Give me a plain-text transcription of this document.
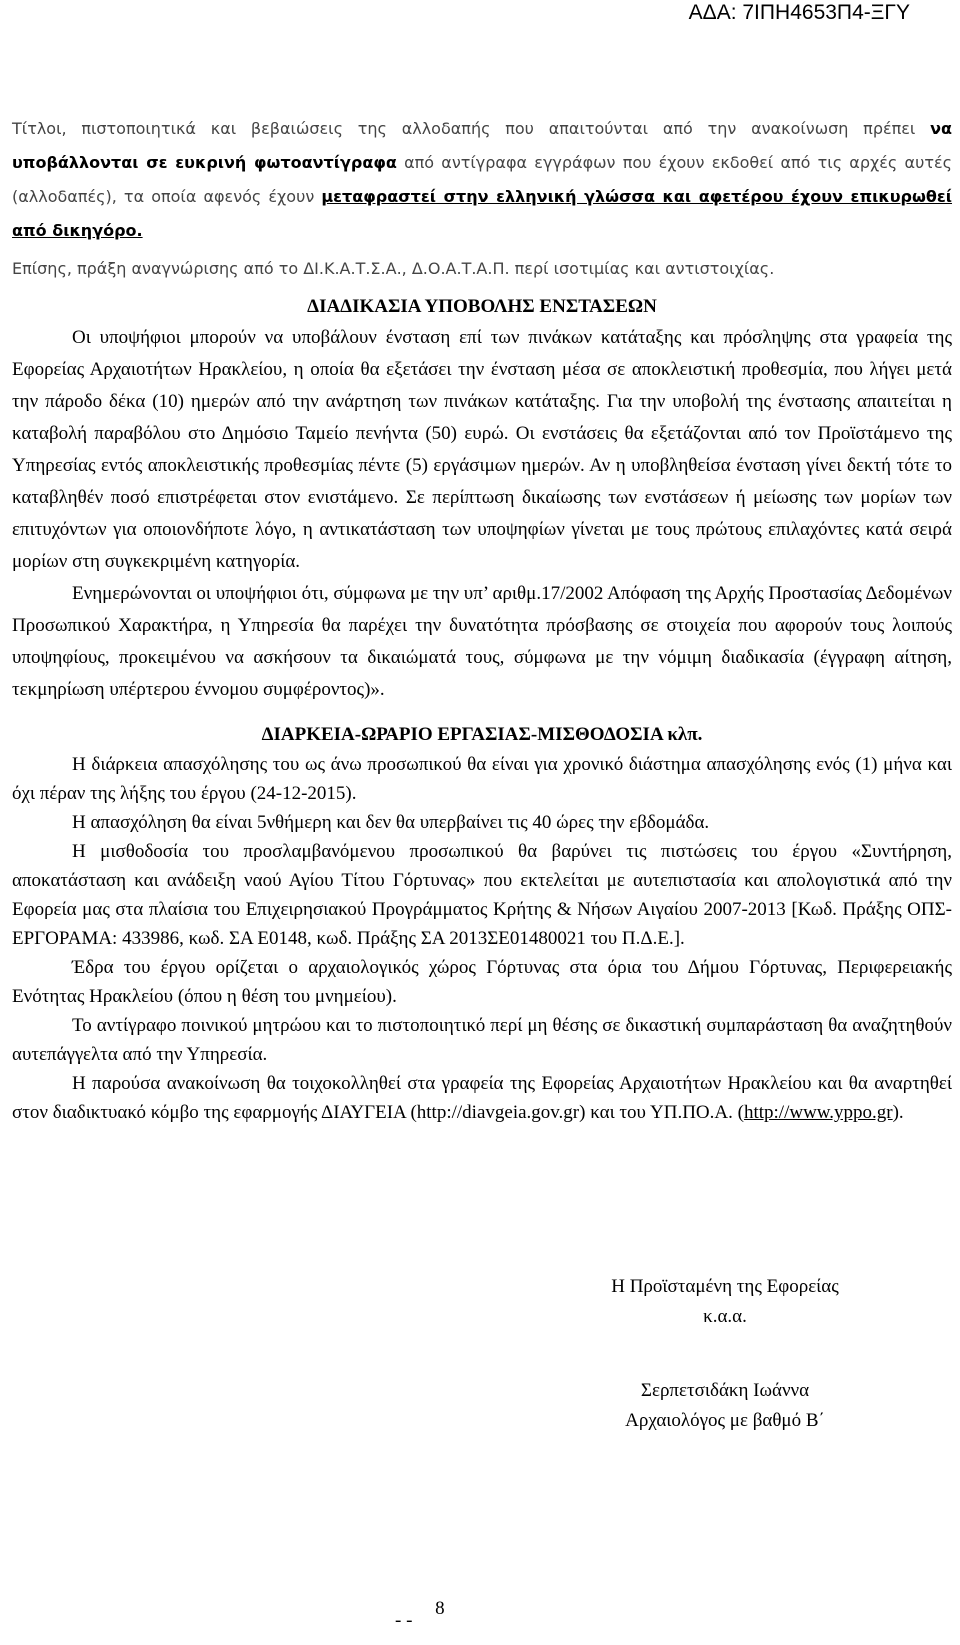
ΑΔΑ: 7ΙΠΗ4653Π4-ΞΓΥ

Τίτλοι, πιστοποιητικά και βεβαιώσεις της αλλοδαπής που απαιτούνται από την ανακοίνωση πρέπει να υποβάλλονται σε ευκρινή φωτοαντίγραφα από αντίγραφα εγγράφων που έχουν εκδοθεί από τις αρχές αυτές (αλλοδαπές), τα οποία αφενός έχουν μεταφραστεί στην ελληνική γλώσσα και αφετέρου έχουν επικυρωθεί από δικηγόρο.

Επίσης, πράξη αναγνώρισης από το ΔΙ.Κ.Α.Τ.Σ.Α., Δ.Ο.Α.Τ.Α.Π. περί ισοτιμίας και αντιστοιχίας.

ΔΙΑΔΙΚΑΣΙΑ ΥΠΟΒΟΛΗΣ ΕΝΣΤΑΣΕΩΝ

Οι υποψήφιοι μπορούν να υποβάλουν ένσταση επί των πινάκων κατάταξης και πρόσληψης στα γραφεία της Εφορείας Αρχαιοτήτων Ηρακλείου, η οποία θα εξετάσει την ένσταση μέσα σε αποκλειστική προθεσμία, που λήγει μετά την πάροδο δέκα (10) ημερών από την ανάρτηση των πινάκων κατάταξης. Για την υποβολή της ένστασης απαιτείται η καταβολή παραβόλου στο Δημόσιο Ταμείο πενήντα (50) ευρώ. Οι ενστάσεις θα εξετάζονται από τον Προϊστάμενο της Υπηρεσίας εντός αποκλειστικής προθεσμίας πέντε (5) εργάσιμων ημερών. Αν η υποβληθείσα ένσταση γίνει δεκτή τότε το καταβληθέν ποσό επιστρέφεται στον ενιστάμενο. Σε περίπτωση δικαίωσης των ενστάσεων ή μείωσης των μορίων των επιτυχόντων για οποιονδήποτε λόγο, η αντικατάσταση των υποψηφίων γίνεται με τους πρώτους επιλαχόντες κατά σειρά μορίων στη συγκεκριμένη κατηγορία.

Ενημερώνονται οι υποψήφιοι ότι, σύμφωνα με την υπ’ αριθμ.17/2002 Απόφαση της Αρχής Προστασίας Δεδομένων Προσωπικού Χαρακτήρα, η Υπηρεσία θα παρέχει την δυνατότητα πρόσβασης σε στοιχεία που αφορούν τους λοιπούς υποψηφίους, προκειμένου να ασκήσουν τα δικαιώματά τους, σύμφωνα με την νόμιμη διαδικασία (έγγραφη αίτηση, τεκμηρίωση υπέρτερου έννομου συμφέροντος)».

ΔΙΑΡΚΕΙΑ-ΩΡΑΡΙΟ ΕΡΓΑΣΙΑΣ-ΜΙΣΘΟΔΟΣΙΑ κλπ.

Η διάρκεια απασχόλησης του ως άνω προσωπικού θα είναι για χρονικό διάστημα απασχόλησης ενός (1) μήνα και όχι πέραν της λήξης του έργου (24-12-2015).

Η απασχόληση θα είναι 5νθήμερη και δεν θα υπερβαίνει τις 40 ώρες την εβδομάδα.

Η μισθοδοσία του προσλαμβανόμενου προσωπικού θα βαρύνει τις πιστώσεις του έργου «Συντήρηση, αποκατάσταση και ανάδειξη ναού Αγίου Τίτου Γόρτυνας» που εκτελείται με αυτεπιστασία και απολογιστικά από την Εφορεία μας στα πλαίσια του Επιχειρησιακού Προγράμματος Κρήτης & Νήσων Αιγαίου 2007-2013 [Κωδ. Πράξης ΟΠΣ-ΕΡΓΟΡΑΜΑ: 433986, κωδ. ΣΑ Ε0148, κωδ. Πράξης ΣΑ 2013ΣΕ01480021 του Π.Δ.Ε.].

Έδρα του έργου ορίζεται ο αρχαιολογικός χώρος Γόρτυνας στα όρια του Δήμου Γόρτυνας, Περιφερειακής Ενότητας Ηρακλείου (όπου η θέση του μνημείου).

Το αντίγραφο ποινικού μητρώου και το πιστοποιητικό περί μη θέσης σε δικαστική συμπαράσταση θα αναζητηθούν αυτεπάγγελτα από την Υπηρεσία.

Η παρούσα ανακοίνωση θα τοιχοκολληθεί στα γραφεία της Εφορείας Αρχαιοτήτων Ηρακλείου και θα αναρτηθεί στον διαδικτυακό κόμβο της εφαρμογής ΔΙΑΥΓΕΙΑ (http://diavgeia.gov.gr) και του ΥΠ.ΠΟ.Α. (http://www.yppo.gr).

Η Προϊσταμένη της Εφορείας
κ.α.α.
Σερπετσιδάκη Ιωάννα
Αρχαιολόγος με βαθμό Β΄
- - 8
